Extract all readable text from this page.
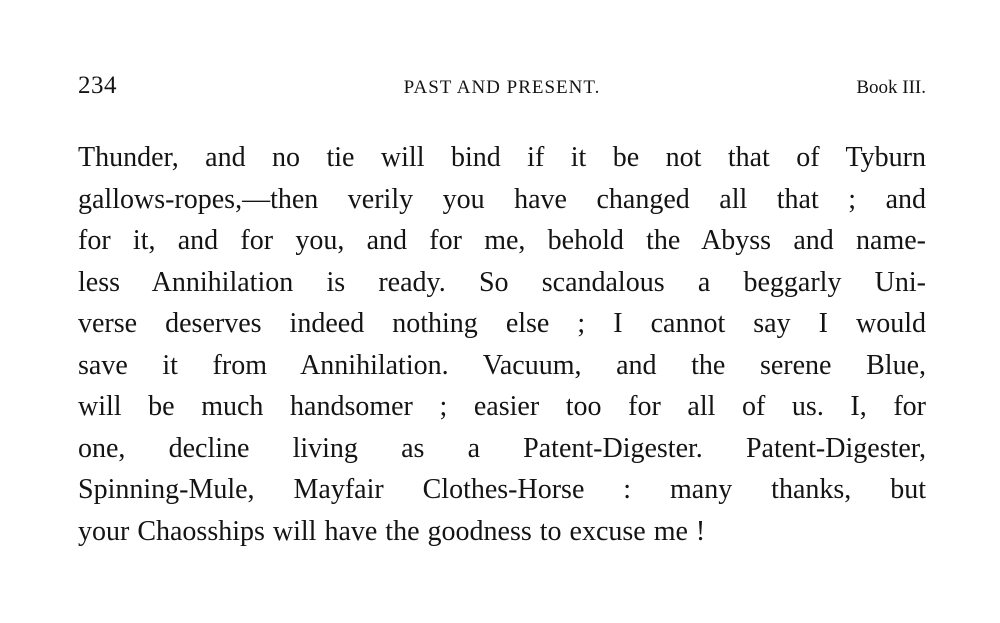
234	PAST AND PRESENT.	Book III.
Thunder, and no tie will bind if it be not that of Tyburn
gallows-ropes,—then verily you have changed all that ; and
for it, and for you, and for me, behold the Abyss and name-
less Annihilation is ready. So scandalous a beggarly Uni-
verse deserves indeed nothing else ; I cannot say I would
save it from Annihilation. Vacuum, and the serene Blue,
will be much handsomer ; easier too for all of us. I, for
one, decline living as a Patent-Digester. Patent-Digester,
Spinning-Mule, Mayfair Clothes-Horse : many thanks, but
your Chaosships will have the goodness to excuse me !
